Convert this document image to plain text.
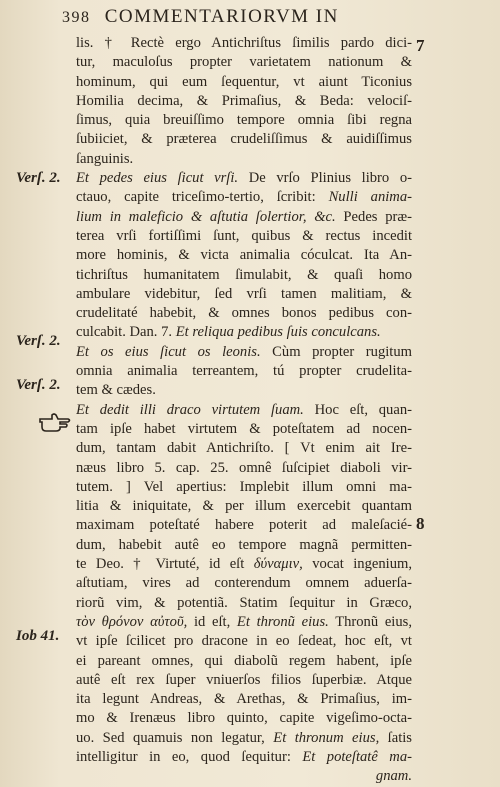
398 COMMENTARIORVM IN
7
8
Verſ. 2.
Verſ. 2.
Verſ. 2.
Iob 41.
lis. † Rectè ergo Antichriſtus ſimilis pardo dici-
tur, maculoſus propter varietatem nationum &
hominum, qui eum ſequentur, vt aiunt Ticonius
Homilia decima, & Primaſius, & Beda: velociſ-
ſimus, quia breuiſſimo tempore omnia ſibi regna
ſubiiciet, & præterea crudeliſſimus & auidiſſimus
ſanguinis.
Et pedes eius ſicut vrſi. De vrſo Plinius libro o-
ctauo, capite triceſimo-tertio, ſcribit: Nulli anima-
lium in maleficio & aſtutia ſolertior, &c. Pedes præ-
terea vrſi fortiſſimi ſunt, quibus & rectus incedit
more hominis, & victa animalia cóculcat. Ita An-
tichriſtus humanitatem ſimulabit, & quaſi homo
ambulare videbitur, ſed vrſi tamen malitiam, &
crudelitaté habebit, & omnes bonos pedibus con-
culcabit. Dan. 7. Et reliqua pedibus ſuis conculcans.
Et os eius ſicut os leonis. Cùm propter rugitum
omnia animalia terreantem, tú propter crudelita-
tem & cædes.
Et dedit illi draco virtutem ſuam. Hoc eſt, quan-
tam ipſe habet virtutem & poteſtatem ad nocen-
dum, tantam dabit Antichriſto. [ Vt enim ait Ire-
næus libro 5. cap. 25. omnê ſuſcipiet diaboli vir-
tutem. ] Vel apertius: Implebit illum omni ma-
litia & iniquitate, & per illum exercebit quantam
maximam poteſtaté habere poterit ad maleſacié-
dum, habebit autê eo tempore magnã permitten-
te Deo. † Virtuté, id eſt δύναμιν, vocat ingenium,
aſtutiam, vires ad conterendum omnem aduerſa-
riorũ vim, & potentiã. Statim ſequitur in Græco,
τὸν θρόνον αὐτοῦ, id eſt, Et thronũ eius. Thronũ eius,
vt ipſe ſcilicet pro dracone in eo ſedeat, hoc eſt, vt
ei pareant omnes, qui diabolũ regem habent, ipſe
autê eſt rex ſuper vniuerſos filios ſuperbiæ. Atque
ita legunt Andreas, & Arethas, & Primaſius, im-
mo & Irenæus libro quinto, capite vigeſimo-octa-
uo. Sed quamuis non legatur, Et thronum eius, ſatis
intelligitur in eo, quod ſequitur: Et poteſtatê ma-
gnam.
